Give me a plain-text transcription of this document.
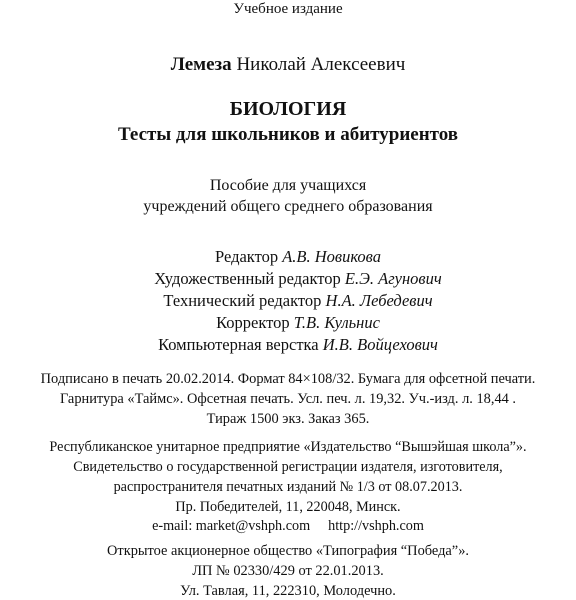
Учебное издание
Лемеза Николай Алексеевич
БИОЛОГИЯ
Тесты для школьников и абитуриентов
Пособие для учащихся
учреждений общего среднего образования
Редактор А.В. Новикова
Художественный редактор Е.Э. Агунович
Технический редактор Н.А. Лебедевич
Корректор Т.В. Кульнис
Компьютерная верстка И.В. Войцехович
Подписано в печать 20.02.2014. Формат 84×108/32. Бумага для офсетной печати.
Гарнитура «Таймс». Офсетная печать. Усл. печ. л. 19,32. Уч.-изд. л. 18,44 .
Тираж 1500 экз. Заказ 365.
Республиканское унитарное предприятие «Издательство “Вышэйшая школа”».
Свидетельство о государственной регистрации издателя, изготовителя,
распространителя печатных изданий № 1/3 от 08.07.2013.
Пр. Победителей, 11, 220048, Минск.
e-mail: market@vshph.com http://vshph.com
Открытое акционерное общество «Типография “Победа”».
ЛП № 02330/429 от 22.01.2013.
Ул. Тавлая, 11, 222310, Молодечно.
